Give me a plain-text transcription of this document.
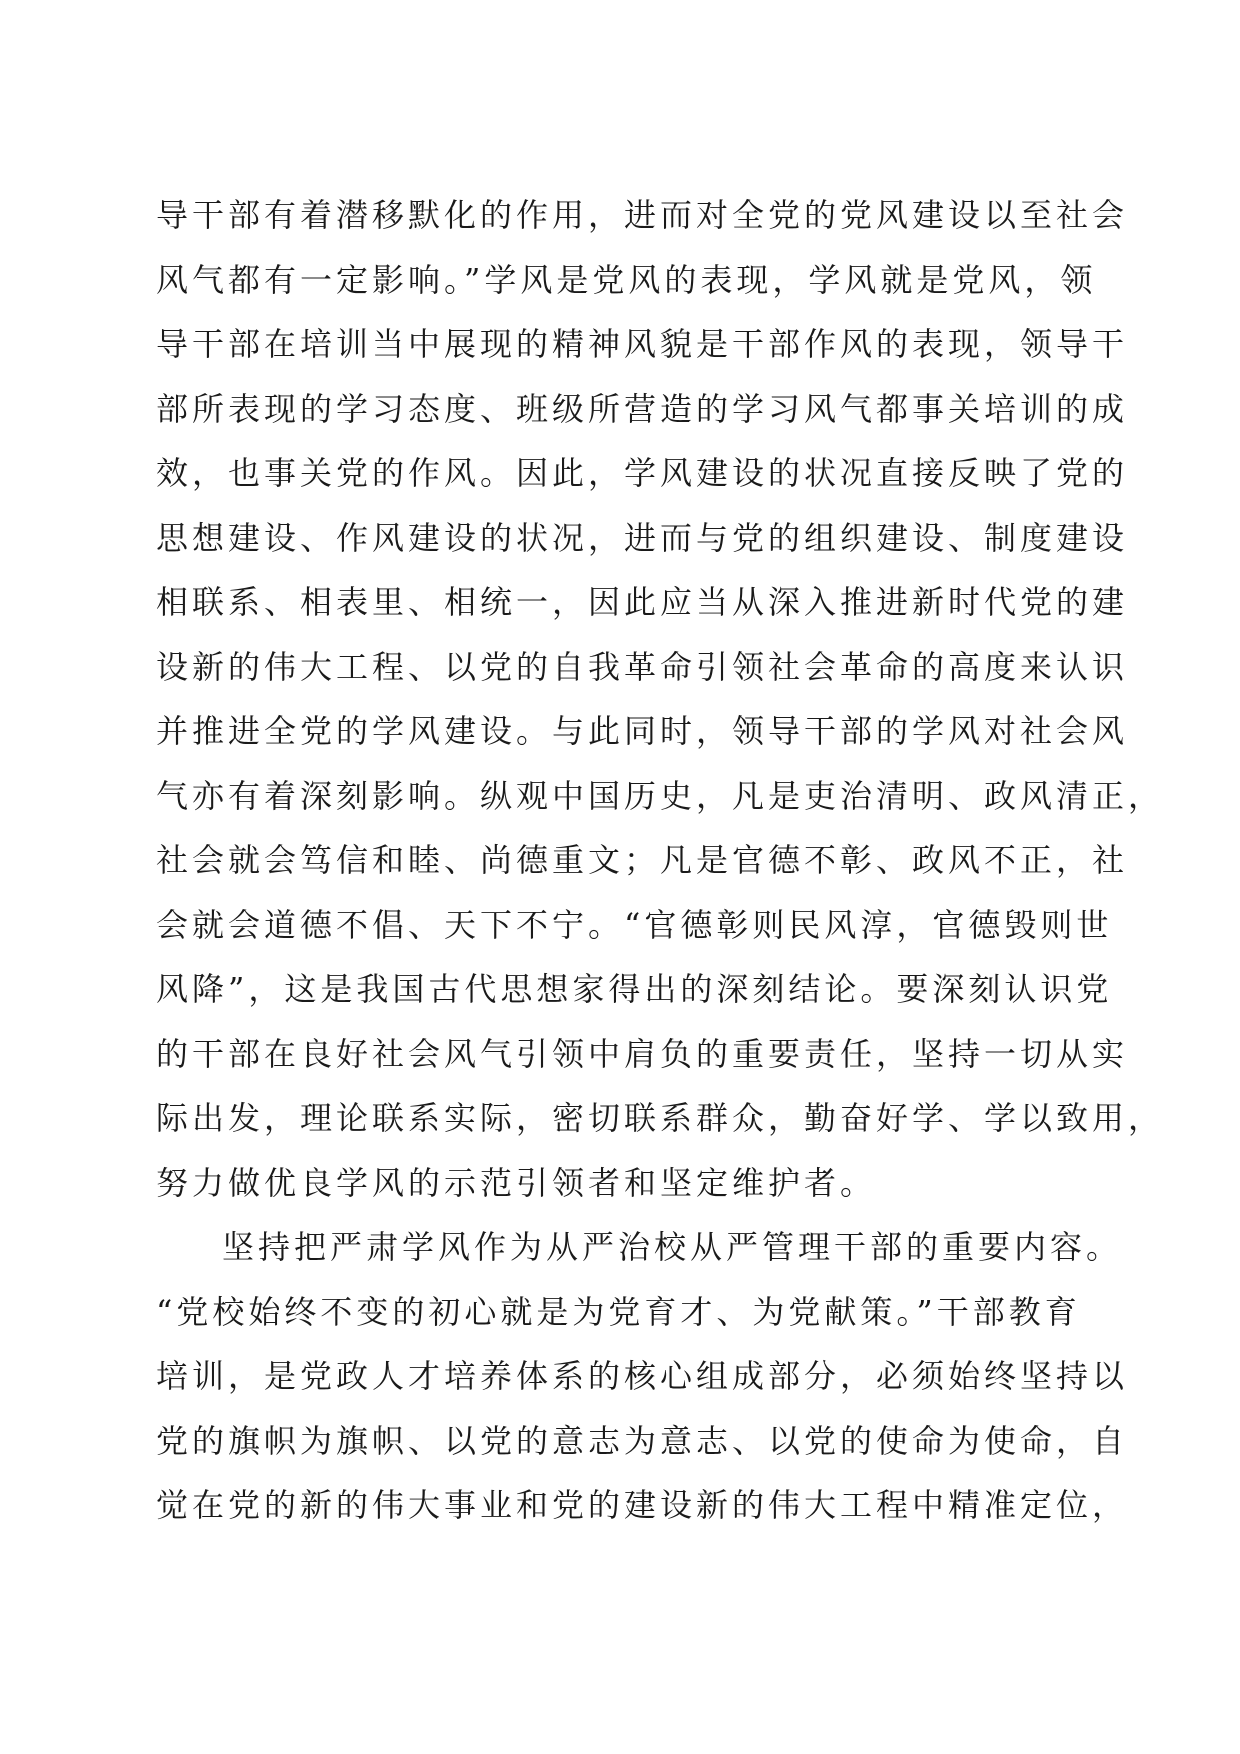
导干部有着潜移默化的作用，进而对全党的党风建设以至社会
风气都有一定影响。”学风是党风的表现，学风就是党风，领
导干部在培训当中展现的精神风貌是干部作风的表现，领导干
部所表现的学习态度、班级所营造的学习风气都事关培训的成
效，也事关党的作风。因此，学风建设的状况直接反映了党的
思想建设、作风建设的状况，进而与党的组织建设、制度建设
相联系、相表里、相统一，因此应当从深入推进新时代党的建
设新的伟大工程、以党的自我革命引领社会革命的高度来认识
并推进全党的学风建设。与此同时，领导干部的学风对社会风
气亦有着深刻影响。纵观中国历史，凡是吏治清明、政风清正，
社会就会笃信和睦、尚德重文；凡是官德不彰、政风不正，社
会就会道德不倡、天下不宁。“官德彰则民风淳，官德毁则世
风降”，这是我国古代思想家得出的深刻结论。要深刻认识党
的干部在良好社会风气引领中肩负的重要责任，坚持一切从实
际出发，理论联系实际，密切联系群众，勤奋好学、学以致用，
努力做优良学风的示范引领者和坚定维护者。
坚持把严肃学风作为从严治校从严管理干部的重要内容。
“党校始终不变的初心就是为党育才、为党献策。”干部教育
培训，是党政人才培养体系的核心组成部分，必须始终坚持以
党的旗帜为旗帜、以党的意志为意志、以党的使命为使命，自
觉在党的新的伟大事业和党的建设新的伟大工程中精准定位，
